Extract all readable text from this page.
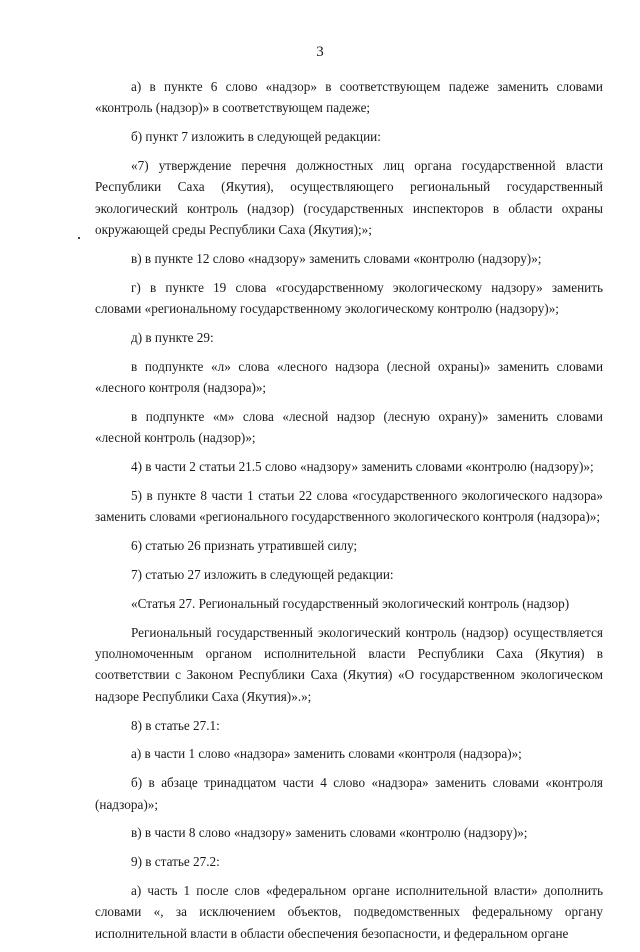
3

а) в пункте 6 слово «надзор» в соответствующем падеже заменить словами «контроль (надзор)» в соответствующем падеже;

б) пункт 7 изложить в следующей редакции:

«7) утверждение перечня должностных лиц органа государственной власти Республики Саха (Якутия), осуществляющего региональный государственный экологический контроль (надзор) (государственных инспекторов в области охраны окружающей среды Республики Саха (Якутия);»;

в) в пункте 12 слово «надзору» заменить словами «контролю (надзору)»;

г) в пункте 19 слова «государственному экологическому надзору» заменить словами «региональному государственному экологическому контролю (надзору)»;

д) в пункте 29:

в подпункте «л» слова «лесного надзора (лесной охраны)» заменить словами «лесного контроля (надзора)»;

в подпункте «м» слова «лесной надзор (лесную охрану)» заменить словами «лесной контроль (надзор)»;

4) в части 2 статьи 21.5 слово «надзору» заменить словами «контролю (надзору)»;

5) в пункте 8 части 1 статьи 22 слова «государственного экологического надзора» заменить словами «регионального государственного экологического контроля (надзора)»;

6) статью 26 признать утратившей силу;

7) статью 27 изложить в следующей редакции:

«Статья 27. Региональный государственный экологический контроль (надзор)

Региональный государственный экологический контроль (надзор) осуществляется уполномоченным органом исполнительной власти Республики Саха (Якутия) в соответствии с Законом Республики Саха (Якутия) «О государственном экологическом надзоре Республики Саха (Якутия)».»;

8) в статье 27.1:

а) в части 1 слово «надзора» заменить словами «контроля (надзора)»;

б) в абзаце тринадцатом части 4 слово «надзора» заменить словами «контроля (надзора)»;

в) в части 8 слово «надзору» заменить словами «контролю (надзору)»;

9) в статье 27.2:

а) часть 1 после слов «федеральном органе исполнительной власти» дополнить словами «, за исключением объектов, подведомственных федеральному органу исполнительной власти в области обеспечения безопасности, и федеральном органе
